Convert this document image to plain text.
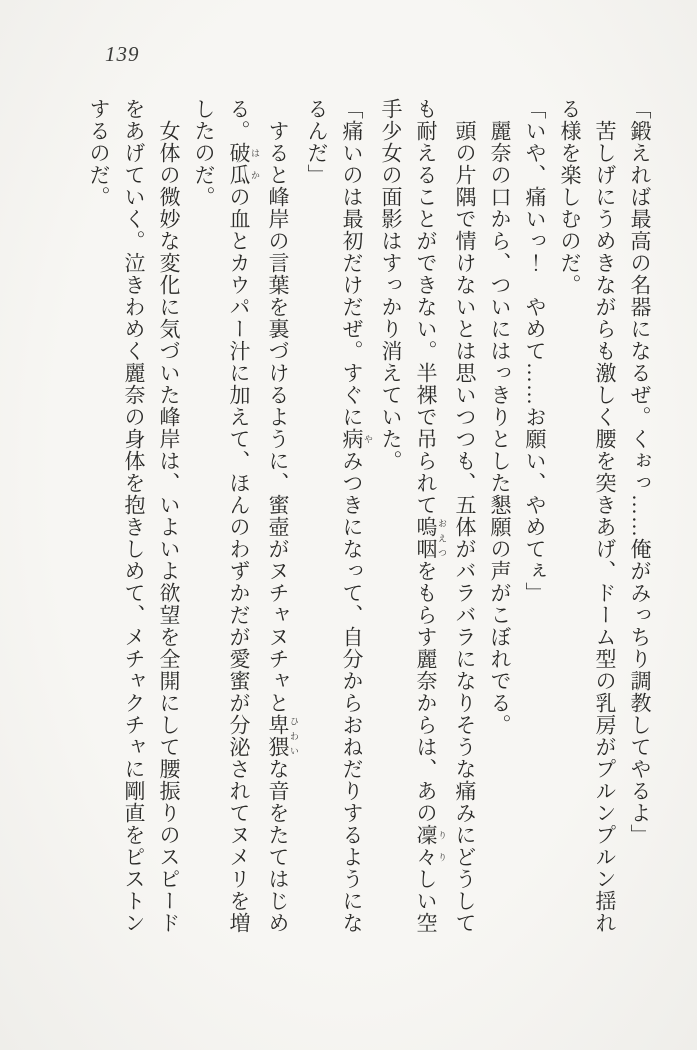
139

「鍛えれば最高の名器になるぜ。くぉっ……俺がみっちり調教してやるよ」

苦しげにうめきながらも激しく腰を突きあげ、ドーム型の乳房がプルンプルン揺れ

る様を楽しむのだ。

「いや、痛いっ！　やめて……お願い、やめてぇ」

麗奈の口から、ついにはっきりとした懇願の声がこぼれでる。

頭の片隅で情けないとは思いつつも、五体がバラバラになりそうな痛みにどうして

も耐えることができない。半裸で吊られて嗚咽 おえつをもらす麗奈からは、あの凜々 りりしい空

手少女の面影はすっかり消えていた。

「痛いのは最初だけだぜ。すぐに病 やみつきになって、自分からおねだりするようにな

るんだ」

すると峰岸の言葉を裏づけるように、蜜壺がヌチャヌチャと卑猥 ひわいな音をたてはじめ

る。破瓜 はかの血とカウパー汁に加えて、ほんのわずかだが愛蜜が分泌されてヌメリを増

したのだ。

女体の微妙な変化に気づいた峰岸は、いよいよ欲望を全開にして腰振りのスピード

をあげていく。泣きわめく麗奈の身体を抱きしめて、メチャクチャに剛直をピストン

するのだ。
